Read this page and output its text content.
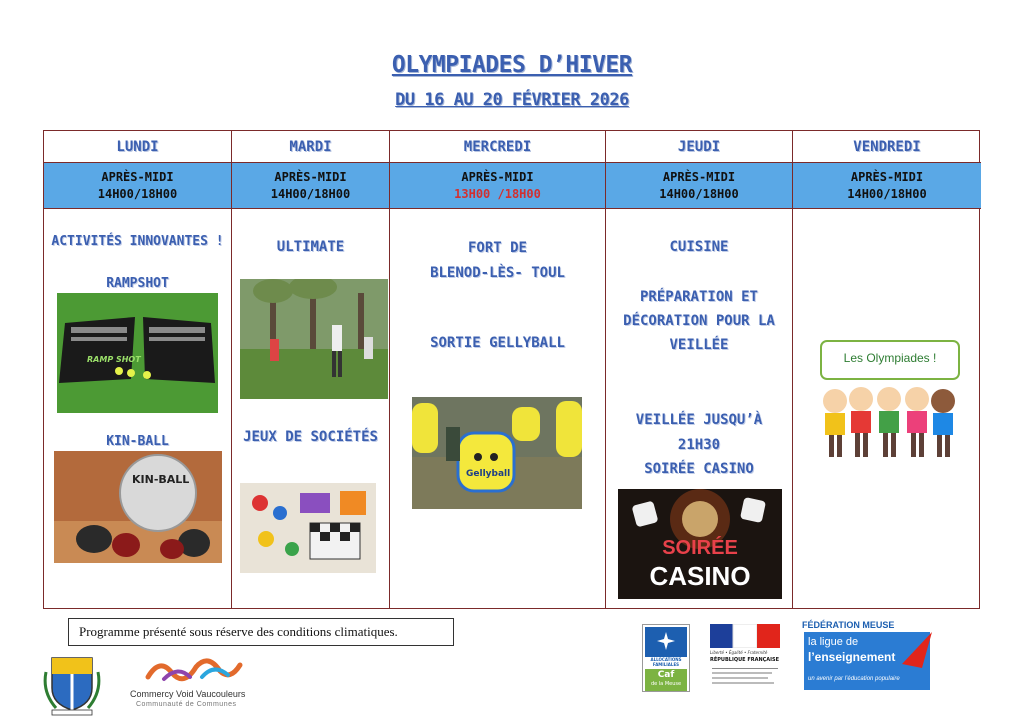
OLYMPIADES D’HIVER
DU 16 AU 20 FÉVRIER 2026
LUNDI
APRÈS-MIDI
14H00/18H00
ACTIVITÉS INNOVANTES !
RAMPSHOT
RAMP SHOT
KIN-BALL
KIN-BALL
MARDI
APRÈS-MIDI
14H00/18H00
ULTIMATE
JEUX DE SOCIÉTÉS
MERCREDI
APRÈS-MIDI
13H00 /18H00
FORT DE
BLENOD-LÈS- TOUL
SORTIE GELLYBALL
Gellyball
JEUDI
APRÈS-MIDI
14H00/18H00
CUISINE
PRÉPARATION ET
DÉCORATION POUR LA
VEILLÉE
VEILLÉE JUSQU’À
21H30
SOIRÉE CASINO
SOIRÉE
CASINO
VENDREDI
APRÈS-MIDI
14H00/18H00
Les Olympiades !
Programme présenté sous réserve des conditions climatiques.
Commercy Void Vaucouleurs
Communauté de Communes
ALLOCATIONS FAMILIALES
Caf
de la Meuse
Liberté • Égalité • Fraternité
RÉPUBLIQUE FRANÇAISE
FÉDÉRATION MEUSE
la ligue de
l’enseignement
un avenir par l’éducation populaire
